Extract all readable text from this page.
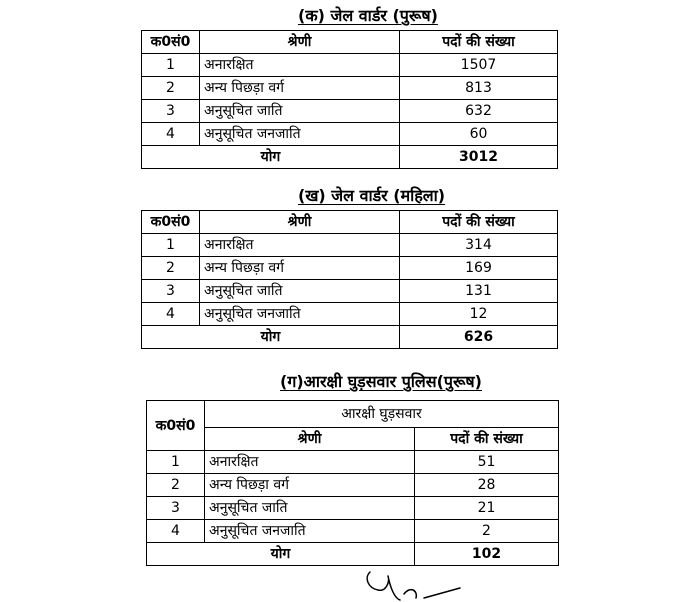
(क) जेल वार्डर (पुरूष)
क0सं0	श्रेणी	पदों की संख्या
1	अनारक्षित	1507
2	अन्य पिछड़ा वर्ग	813
3	अनुसूचित जाति	632
4	अनुसूचित जनजाति	60
योग		3012
(ख) जेल वार्डर (महिला)
क0सं0	श्रेणी	पदों की संख्या
1	अनारक्षित	314
2	अन्य पिछड़ा वर्ग	169
3	अनुसूचित जाति	131
4	अनुसूचित जनजाति	12
योग		626
(ग)आरक्षी घुड़सवार पुलिस(पुरूष)
क0सं0	आरक्षी घुड़सवार	
	श्रेणी	पदों की संख्या
1	अनारक्षित	51
2	अन्य पिछड़ा वर्ग	28
3	अनुसूचित जाति	21
4	अनुसूचित जनजाति	2
योग		102
